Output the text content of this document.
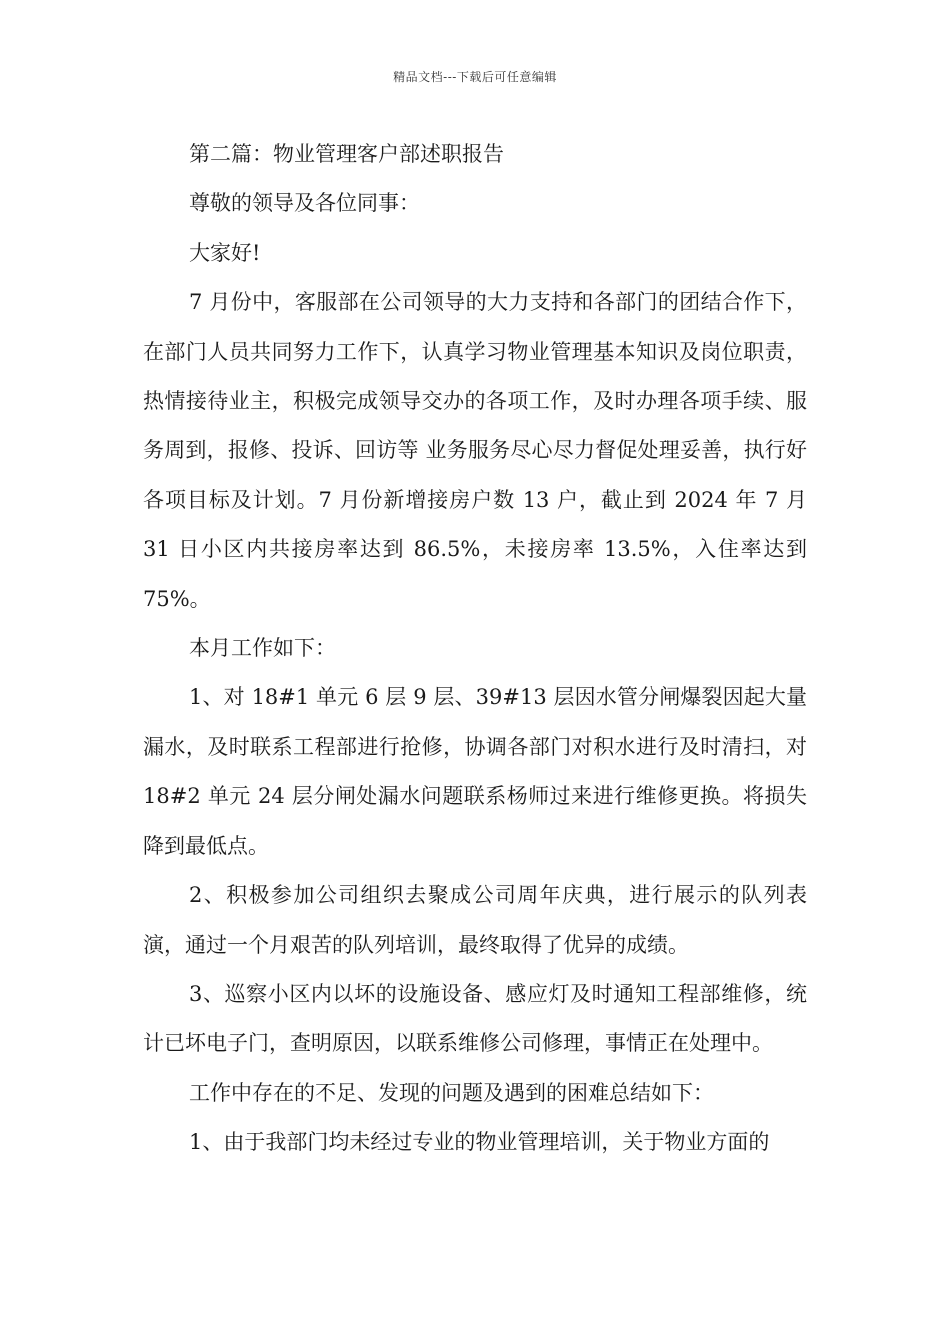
精品文档---下载后可任意编辑

第二篇：物业管理客户部述职报告

尊敬的领导及各位同事：

大家好!

7 月份中，客服部在公司领导的大力支持和各部门的团结合作下，在部门人员共同努力工作下，认真学习物业管理基本知识及岗位职责，热情接待业主，积极完成领导交办的各项工作，及时办理各项手续、服务周到，报修、投诉、回访等 业务服务尽心尽力督促处理妥善，执行好各项目标及计划。7 月份新增接房户数 13 户，截止到 2024 年 7 月 31 日小区内共接房率达到 86.5%，未接房率 13.5%，入住率达到 75%。

本月工作如下：

1、对 18#1 单元 6 层 9 层、39#13 层因水管分闸爆裂因起大量漏水，及时联系工程部进行抢修，协调各部门对积水进行及时清扫，对 18#2 单元 24 层分闸处漏水问题联系杨师过来进行维修更换。将损失降到最低点。

2、积极参加公司组织去聚成公司周年庆典，进行展示的队列表演，通过一个月艰苦的队列培训，最终取得了优异的成绩。

3、巡察小区内以坏的设施设备、感应灯及时通知工程部维修，统计已坏电子门，查明原因，以联系维修公司修理，事情正在处理中。

工作中存在的不足、发现的问题及遇到的困难总结如下：

1、由于我部门均未经过专业的物业管理培训，关于物业方面的
